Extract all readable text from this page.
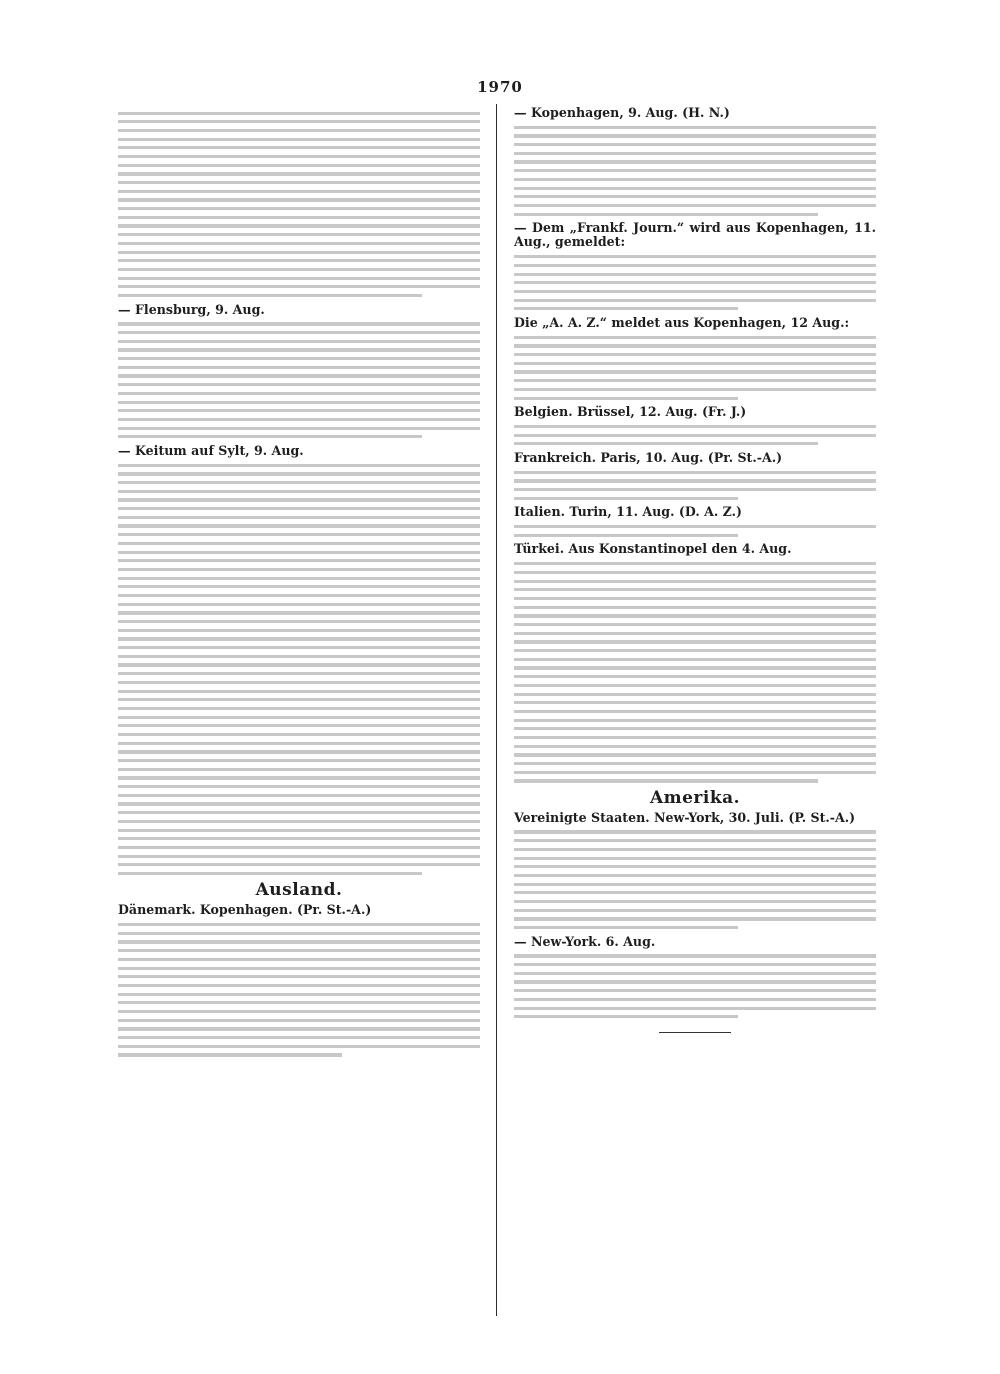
1970
— Flensburg, 9. Aug.
— Keitum auf Sylt, 9. Aug.
Ausland.
Dänemark. Kopenhagen. (Pr. St.-A.)
— Kopenhagen, 9. Aug. (H. N.)
— Dem „Frankf. Journ.“ wird aus Kopenhagen, 11. Aug., gemeldet:
Die „A. A. Z.“ meldet aus Kopenhagen, 12 Aug.:
Belgien. Brüssel, 12. Aug. (Fr. J.)
Frankreich. Paris, 10. Aug. (Pr. St.-A.)
Italien. Turin, 11. Aug. (D. A. Z.)
Türkei. Aus Konstantinopel den 4. Aug.
Amerika.
Vereinigte Staaten. New-York, 30. Juli. (P. St.-A.)
— New-York. 6. Aug.
